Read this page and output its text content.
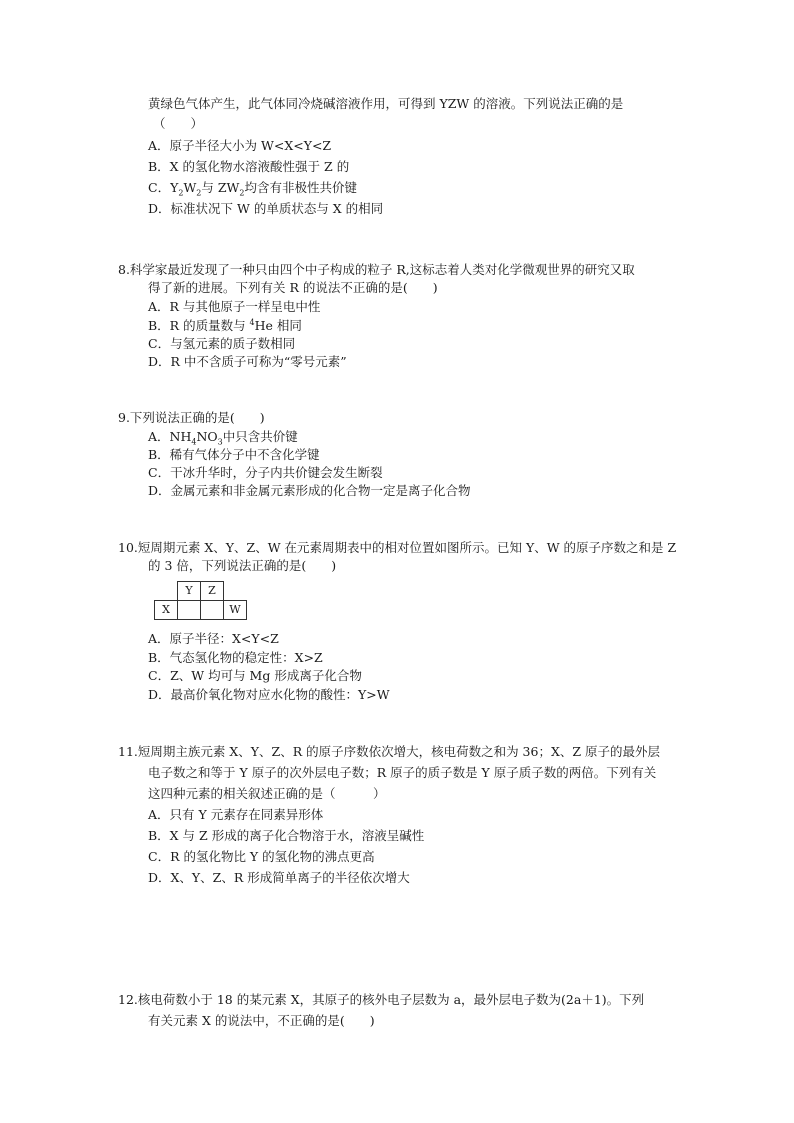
黄绿色气体产生，此气体同冷烧碱溶液作用，可得到 YZW 的溶液。下列说法正确的是
（　　）
A．原子半径大小为 W<X<Y<Z
B．X 的氢化物水溶液酸性强于 Z 的
C．$Y_2W_2$与 $ZW_2$均含有非极性共价键
D．标准状况下 W 的单质状态与 X 的相同
8.科学家最近发现了一种只由四个中子构成的粒子 R,这标志着人类对化学微观世界的研究又取
得了新的进展。下列有关 R 的说法不正确的是(　　)
A．R 与其他原子一样呈电中性
B．R 的质量数与 $^4$He 相同
C．与氢元素的质子数相同
D．R 中不含质子可称为“零号元素”
9.下列说法正确的是(　　)
A．$NH_4NO_3$中只含共价键
B．稀有气体分子中不含化学键
C．干冰升华时，分子内共价键会发生断裂
D．金属元素和非金属元素形成的化合物一定是离子化合物
10.短周期元素 X、Y、Z、W 在元素周期表中的相对位置如图所示。已知 Y、W 的原子序数之和是 Z
的 3 倍，下列说法正确的是(　　)
	Y	Z	
X			W
A．原子半径：X<Y<Z
B．气态氢化物的稳定性：X>Z
C．Z、W 均可与 Mg 形成离子化合物
D．最高价氧化物对应水化物的酸性：Y>W
11.短周期主族元素 X、Y、Z、R 的原子序数依次增大，核电荷数之和为 36；X、Z 原子的最外层
电子数之和等于 Y 原子的次外层电子数；R 原子的质子数是 Y 原子质子数的两倍。下列有关
这四种元素的相关叙述正确的是（　　　）
A．只有 Y 元素存在同素异形体
B．X 与 Z 形成的离子化合物溶于水，溶液呈碱性
C．R 的氢化物比 Y 的氢化物的沸点更高
D．X、Y、Z、R 形成简单离子的半径依次增大
12.核电荷数小于 18 的某元素 X，其原子的核外电子层数为 a，最外层电子数为(2a＋1)。下列
有关元素 X 的说法中，不正确的是(　　)
